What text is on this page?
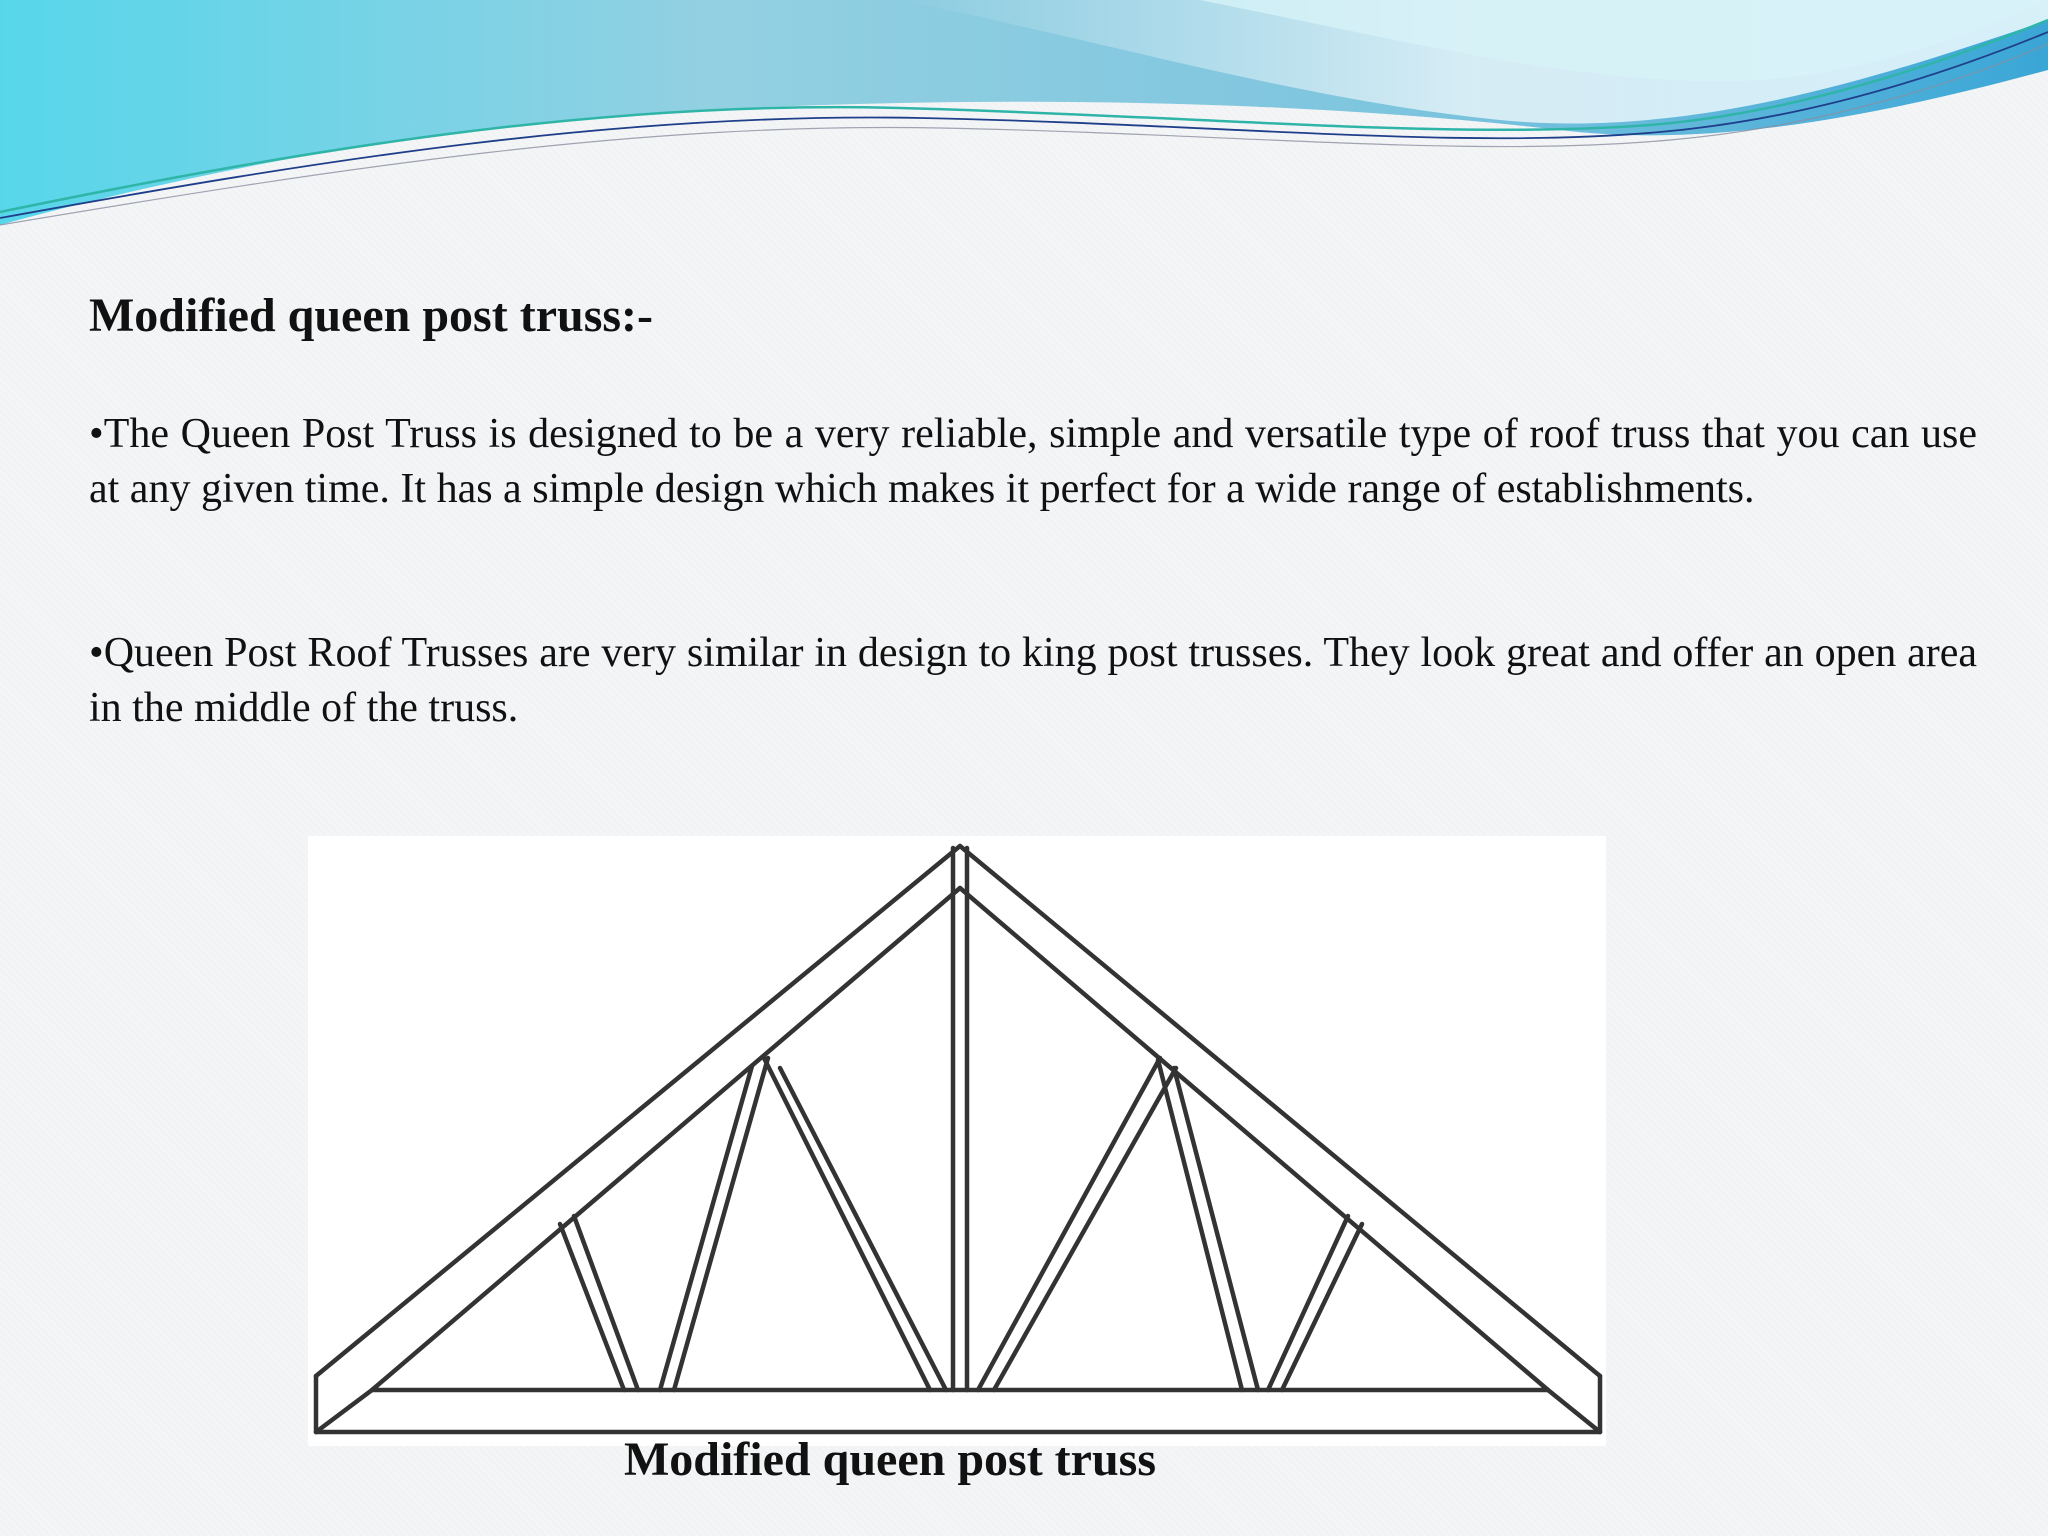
Modified queen post truss:-

•The Queen Post Truss is designed to be a very reliable, simple and versatile type of roof truss that you can use at any given time. It has a simple design which makes it perfect for a wide range of establishments.

•Queen Post Roof Trusses are very similar in design to king post trusses. They look great and offer an open area in the middle of the truss.

Modified queen post truss
